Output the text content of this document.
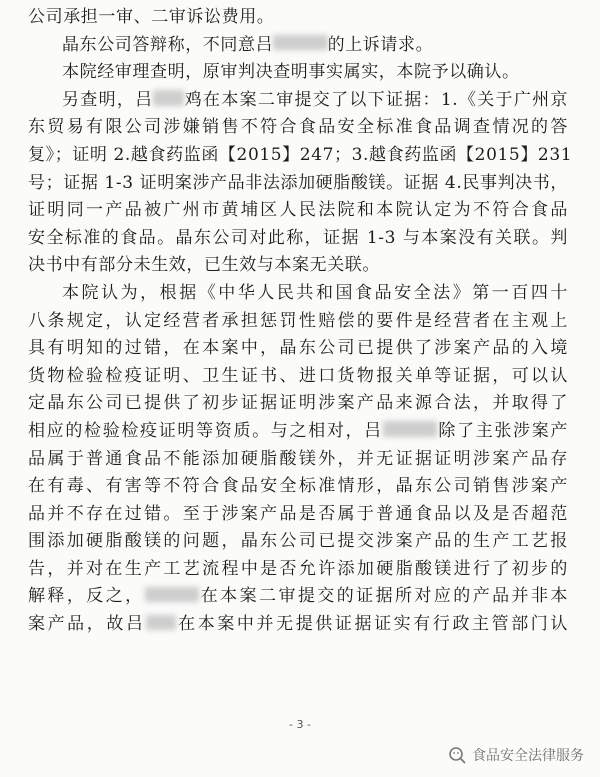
公司承担一审、二审诉讼费用。
晶东公司答辩称，不同意吕	的上诉请求。
本院经审理查明，原审判决查明事实属实，本院予以确认。
另查明，吕 鸡在本案二审提交了以下证据：1.《关于广州京
东贸易有限公司涉嫌销售不符合食品安全标准食品调查情况的答
复》；证明 2.越食药监函【2015】247；3.越食药监函【2015】231
号；证据 1-3 证明案涉产品非法添加硬脂酸镁。证据 4.民事判决书，
证明同一产品被广州市黄埔区人民法院和本院认定为不符合食品
安全标准的食品。晶东公司对此称，证据 1-3 与本案没有关联。判
决书中有部分未生效，已生效与本案无关联。
本院认为，根据《中华人民共和国食品安全法》第一百四十
八条规定，认定经营者承担惩罚性赔偿的要件是经营者在主观上
具有明知的过错，在本案中，晶东公司已提供了涉案产品的入境
货物检验检疫证明、卫生证书、进口货物报关单等证据，可以认
定晶东公司已提供了初步证据证明涉案产品来源合法，并取得了
相应的检验检疫证明等资质。与之相对，吕	除了主张涉案产
品属于普通食品不能添加硬脂酸镁外，并无证据证明涉案产品存
在有毒、有害等不符合食品安全标准情形，晶东公司销售涉案产
品并不存在过错。至于涉案产品是否属于普通食品以及是否超范
围添加硬脂酸镁的问题，晶东公司已提交涉案产品的生产工艺报
告，并对在生产工艺流程中是否允许添加硬脂酸镁进行了初步的
解释，反之，	在本案二审提交的证据所对应的产品并非本
案产品，故吕 在本案中并无提供证据证实有行政主管部门认
- 3 -
食品安全法律服务
